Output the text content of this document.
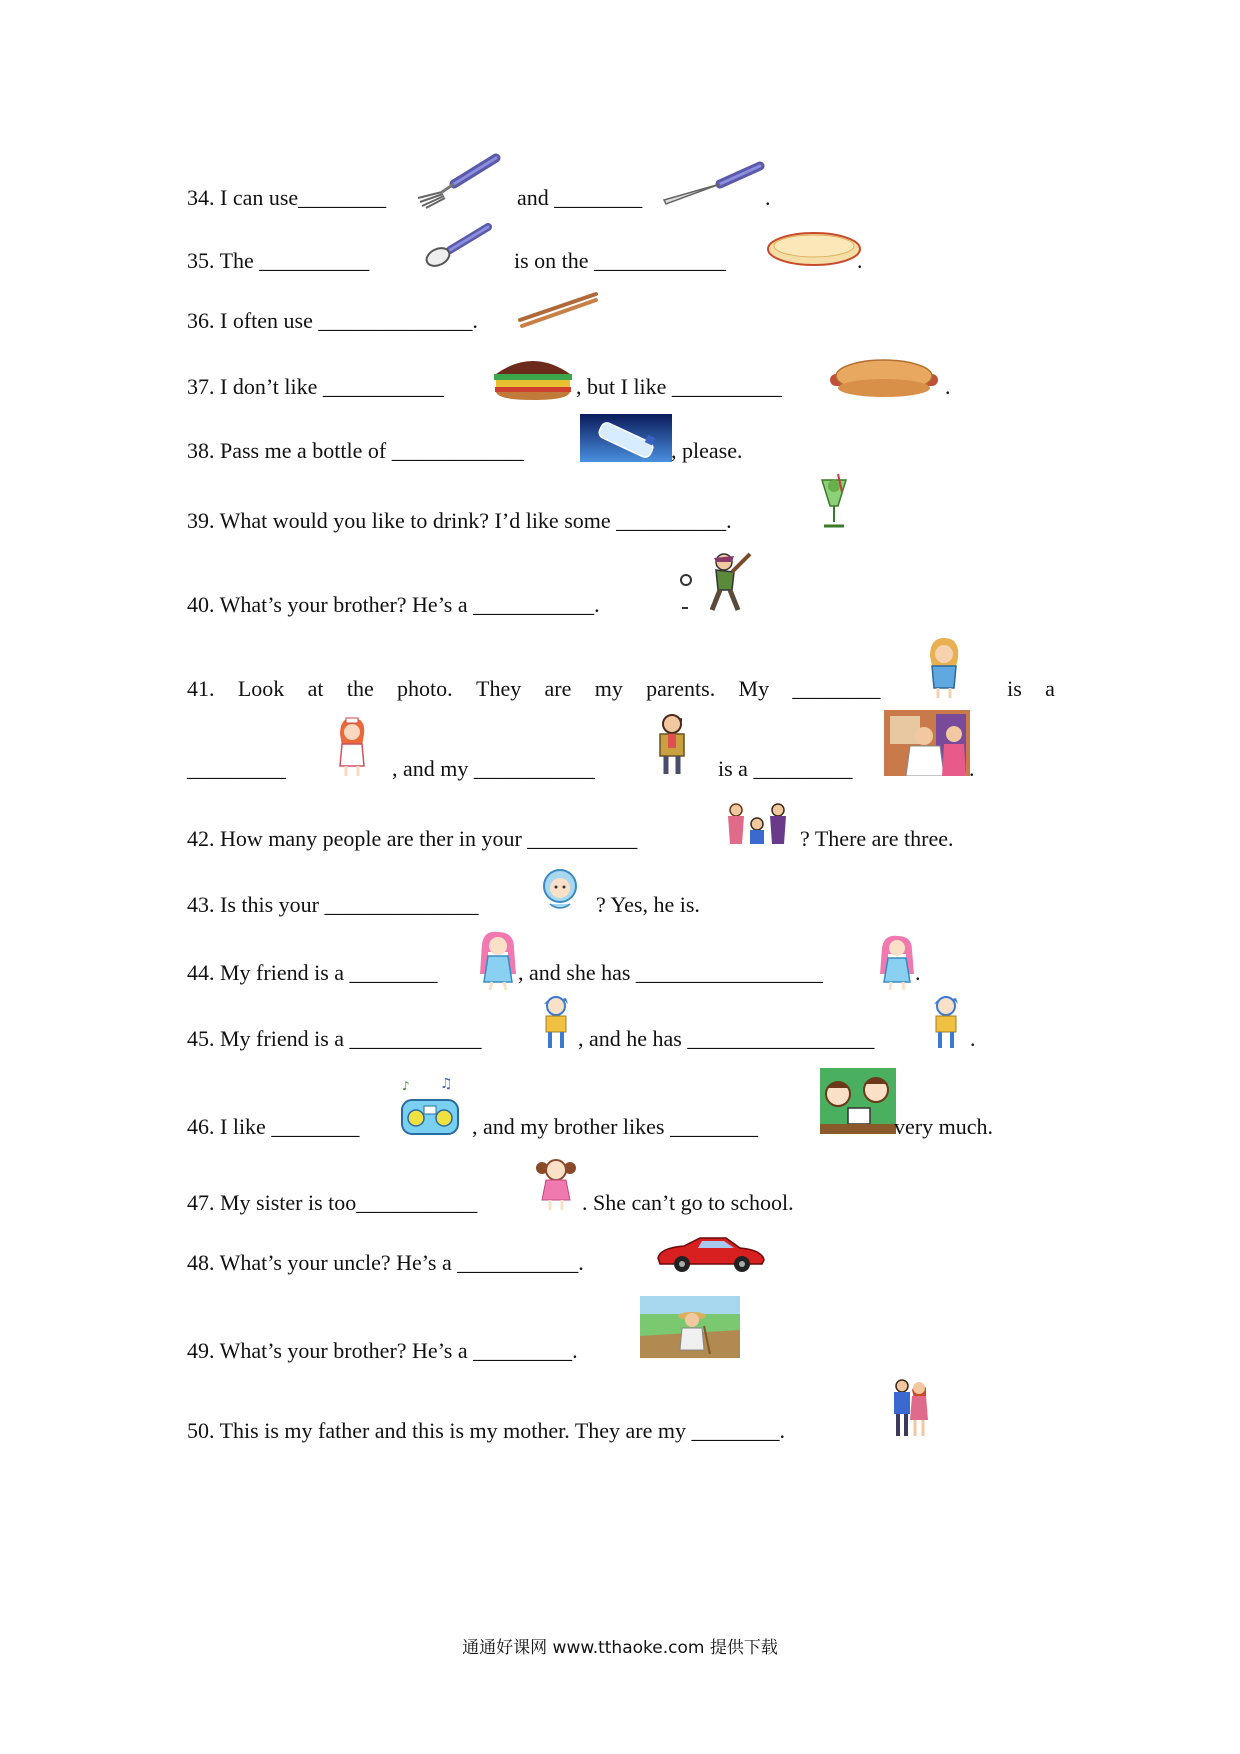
34. I can use________	and ________	.
35. The __________	is on the ____________	.
36. I often use ______________.
37. I don’t like ___________	, but I like __________	.
38. Pass me a bottle of ____________	, please.
39. What would you like to drink? I’d like some __________.
40. What’s your brother? He’s a ___________.
41. Look at the photo. They are my parents. My ________	is a
_________	, and my ___________	is a _________	.
42. How many people are ther in your __________	? There are three.
43. Is this your ______________	? Yes, he is.
44. My friend is a ________	, and she has _________________	.
45. My friend is a ____________	, and he has _________________	.
46. I like ________
♪ ♫
, and my brother likes ________	very much.
47. My sister is too___________	. She can’t go to school.
48. What’s your uncle? He’s a ___________.
49. What’s your brother? He’s a _________.
50. This is my father and this is my mother. They are my ________.
通通好课网 www.tthaoke.com 提供下载
